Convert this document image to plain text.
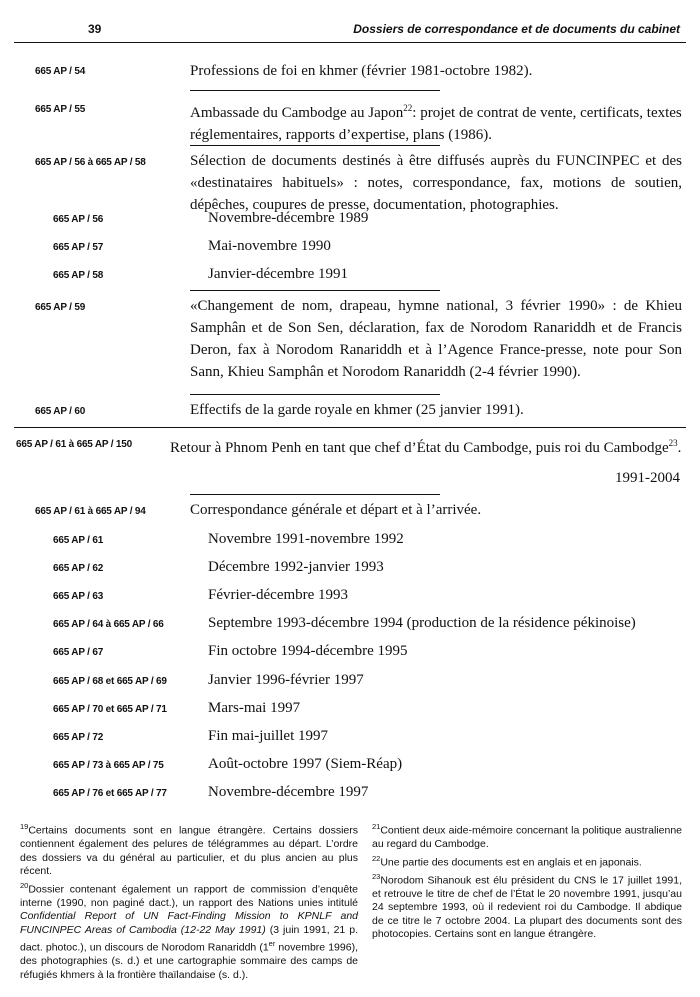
39	Dossiers de correspondance et de documents du cabinet
665 AP / 54	Professions de foi en khmer (février 1981-octobre 1982).
665 AP / 55	Ambassade du Cambodge au Japon$^{22}$: projet de contrat de vente, certificats, textes réglementaires, rapports d’expertise, plans (1986).
665 AP / 56 à 665 AP / 58	Sélection de documents destinés à être diffusés auprès du FUNCINPEC et des «destinataires habituels» : notes, correspondance, fax, motions de soutien, dépêches, coupures de presse, documentation, photographies.
665 AP / 56	Novembre-décembre 1989
665 AP / 57	Mai-novembre 1990
665 AP / 58	Janvier-décembre 1991
665 AP / 59	«Changement de nom, drapeau, hymne national, 3 février 1990» : de Khieu Samphân et de Son Sen, déclaration, fax de Norodom Ranariddh et de Francis Deron, fax à Norodom Ranariddh et à l’Agence France-presse, note pour Son Sann, Khieu Samphân et Norodom Ranariddh (2-4 février 1990).
665 AP / 60	Effectifs de la garde royale en khmer (25 janvier 1991).
665 AP / 61 à 665 AP / 150	Retour à Phnom Penh en tant que chef d’État du Cambodge, puis roi du Cambodge$^{23}$.
1991-2004
665 AP / 61 à 665 AP / 94	Correspondance générale et départ et à l’arrivée.
665 AP / 61	Novembre 1991-novembre 1992
665 AP / 62	Décembre 1992-janvier 1993
665 AP / 63	Février-décembre 1993
665 AP / 64 à 665 AP / 66	Septembre 1993-décembre 1994 (production de la résidence pékinoise)
665 AP / 67	Fin octobre 1994-décembre 1995
665 AP / 68 et 665 AP / 69	Janvier 1996-février 1997
665 AP / 70 et 665 AP / 71	Mars-mai 1997
665 AP / 72	Fin mai-juillet 1997
665 AP / 73 à 665 AP / 75	Août-octobre 1997 (Siem-Réap)
665 AP / 76 et 665 AP / 77	Novembre-décembre 1997

$^{19}$Certains documents sont en langue étrangère. Certains dossiers contiennent également des pelures de télégrammes au départ. L’ordre des dossiers va du général au particulier, et du plus ancien au plus récent.

$^{20}$Dossier contenant également un rapport de commission d’enquête interne (1990, non paginé dact.), un rapport des Nations unies intitulé Confidential Report of UN Fact-Finding Mission to KPNLF and FUNCINPEC Areas of Cambodia (12-22 May 1991) (3 juin 1991, 21 p. dact. photoc.), un discours de Norodom Ranariddh (1er novembre 1996), des photographies (s. d.) et une cartographie sommaire des camps de réfugiés khmers à la frontière thaïlandaise (s. d.).

$^{21}$Contient deux aide-mémoire concernant la politique australienne au regard du Cambodge.

$^{22}$Une partie des documents est en anglais et en japonais.

$^{23}$Norodom Sihanouk est élu président du CNS le 17 juillet 1991, et retrouve le titre de chef de l’État le 20 novembre 1991, jusqu’au 24 septembre 1993, où il redevient roi du Cambodge. Il abdique de ce titre le 7 octobre 2004. La plupart des documents sont des photocopies. Certains sont en langue étrangère.
